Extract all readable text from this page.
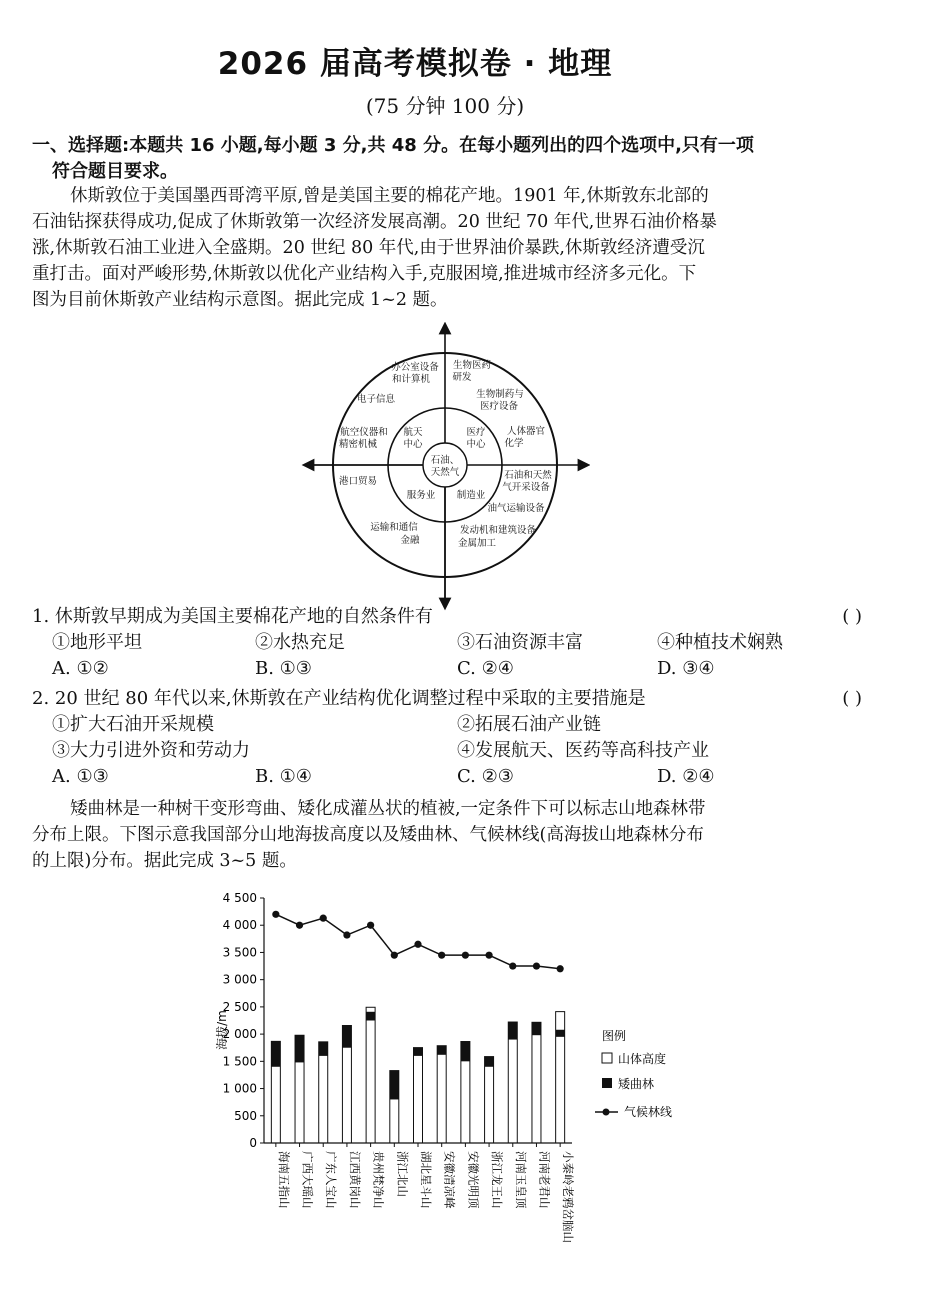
2026 届高考模拟卷 · 地理
(75 分钟 100 分)
一、选择题:本题共 16 小题,每小题 3 分,共 48 分。在每小题列出的四个选项中,只有一项
符合题目要求。
休斯敦位于美国墨西哥湾平原,曾是美国主要的棉花产地。1901 年,休斯敦东北部的
石油钻探获得成功,促成了休斯敦第一次经济发展高潮。20 世纪 70 年代,世界石油价格暴
涨,休斯敦石油工业进入全盛期。20 世纪 80 年代,由于世界油价暴跌,休斯敦经济遭受沉
重打击。面对严峻形势,休斯敦以优化产业结构入手,克服困境,推进城市经济多元化。下
图为目前休斯敦产业结构示意图。据此完成 1~2 题。
石油、
天然气
航天
中心
医疗
中心
服务业 制造业
办公室设备
和计算机
生物医药
研发
电子信息	生物制药与
医疗设备
航空仪器和
精密机械
人体器官
化学
港口贸易
石油和天然
气开采设备
油气运输设备
运输和通信
金融
发动机和建筑设备
金属加工
1. 休斯敦早期成为美国主要棉花产地的自然条件有	( )
①地形平坦	②水热充足	③石油资源丰富	④种植技术娴熟
A. ①②	B. ①③	C. ②④	D. ③④
2. 20 世纪 80 年代以来,休斯敦在产业结构优化调整过程中采取的主要措施是	( )
①扩大石油开采规模	②拓展石油产业链
③大力引进外资和劳动力	④发展航天、医药等高科技产业
A. ①③	B. ①④	C. ②③	D. ②④
矮曲林是一种树干变形弯曲、矮化成灌丛状的植被,一定条件下可以标志山地森林带
分布上限。下图示意我国部分山地海拔高度以及矮曲林、气候林线(高海拔山地森林分布
的上限)分布。据此完成 3~5 题。
0
500
1 000
1 500
2 000
2 500
3 000
3 500
4 000
4 500
海南五指山 广西大瑶山 广东人宝山 江西黄岗山 贵州梵净山 浙江北山 湖北星斗山 安徽清凉峰 安徽光明顶 浙江龙王山 河南玉皇顶 河南老君山 小秦岭老鸦岔脑山
海拔/m	图例
山体高度
矮曲林
气候林线
